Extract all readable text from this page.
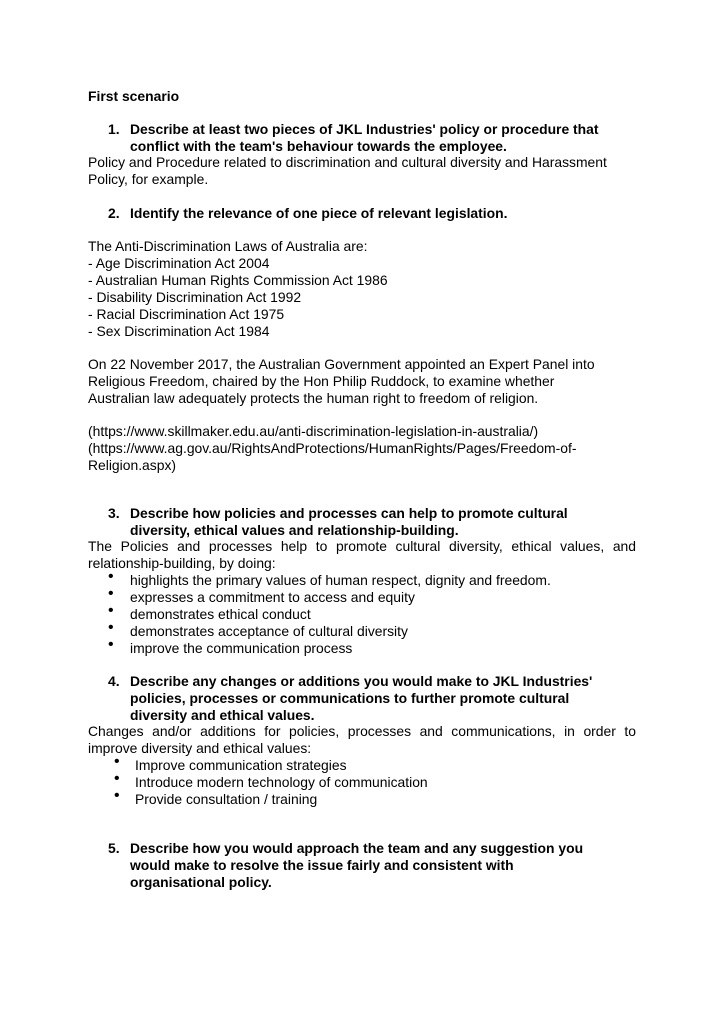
First scenario
1. Describe at least two pieces of JKL Industries' policy or procedure that
conflict with the team's behaviour towards the employee.
Policy and Procedure related to discrimination and cultural diversity and Harassment
Policy, for example.
2. Identify the relevance of one piece of relevant legislation.
The Anti-Discrimination Laws of Australia are:
- Age Discrimination Act 2004
- Australian Human Rights Commission Act 1986
- Disability Discrimination Act 1992
- Racial Discrimination Act 1975
- Sex Discrimination Act 1984
On 22 November 2017, the Australian Government appointed an Expert Panel into
Religious Freedom, chaired by the Hon Philip Ruddock, to examine whether
Australian law adequately protects the human right to freedom of religion.
(https://www.skillmaker.edu.au/anti-discrimination-legislation-in-australia/)
(https://www.ag.gov.au/RightsAndProtections/HumanRights/Pages/Freedom-of-
Religion.aspx)
3. Describe how policies and processes can help to promote cultural
diversity, ethical values and relationship-building.
The Policies and processes help to promote cultural diversity, ethical values, and
relationship-building, by doing:
• highlights the primary values of human respect, dignity and freedom.
• expresses a commitment to access and equity
• demonstrates ethical conduct
• demonstrates acceptance of cultural diversity
• improve the communication process
4. Describe any changes or additions you would make to JKL Industries'
policies, processes or communications to further promote cultural
diversity and ethical values.
Changes and/or additions for policies, processes and communications, in order to
improve diversity and ethical values:
• Improve communication strategies
• Introduce modern technology of communication
• Provide consultation / training
5. Describe how you would approach the team and any suggestion you
would make to resolve the issue fairly and consistent with
organisational policy.
